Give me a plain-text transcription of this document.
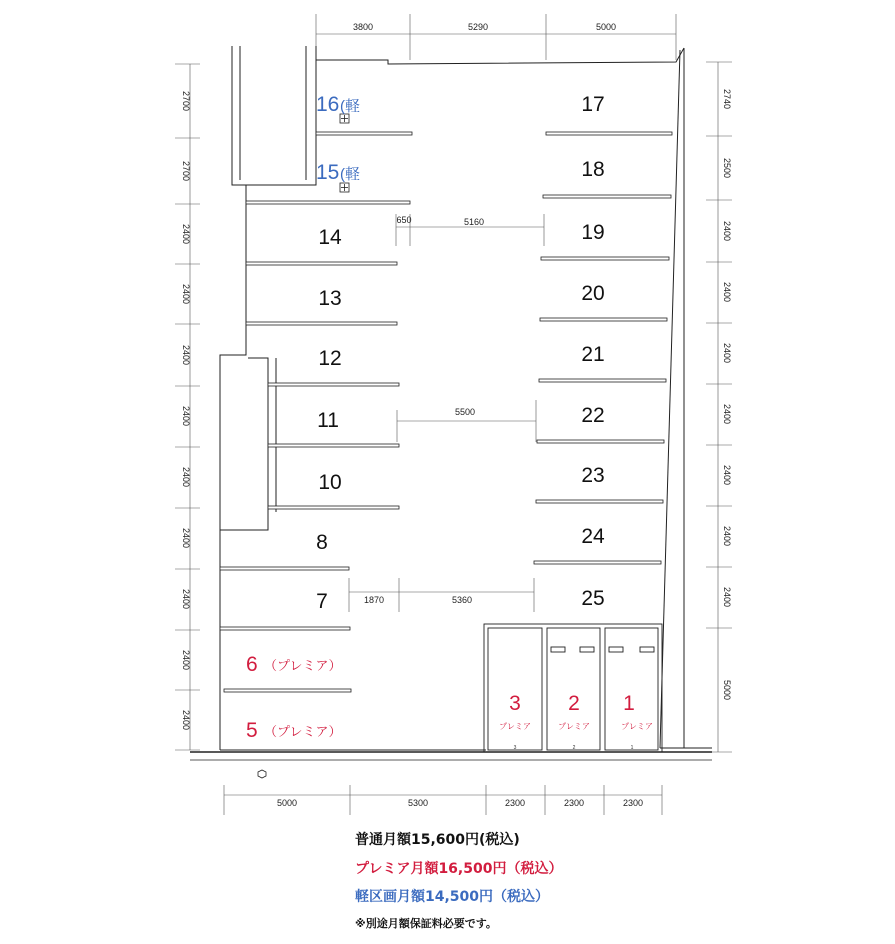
3800	5290	5000
2700
2700
2400
2400
2400
2400
2400
2400
2400
2400
2400
2740
2500
2400
2400
2400
2400
2400
2400
2400
5000
5000	5300	2300	2300	2300
650	5160
5500
1870	5360
16 (軽
15 (軽
14
13
12
11
10
8
7
6 （プレミア）
5 （プレミア）
17
18
19
20
21
22
23
24
25
3
プレミア
3
2
プレミア
2
1
プレミア
1
普通月額15,600円(税込)
プレミア月額16,500円（税込）
軽区画月額14,500円（税込）
※別途月額保証料必要です。
